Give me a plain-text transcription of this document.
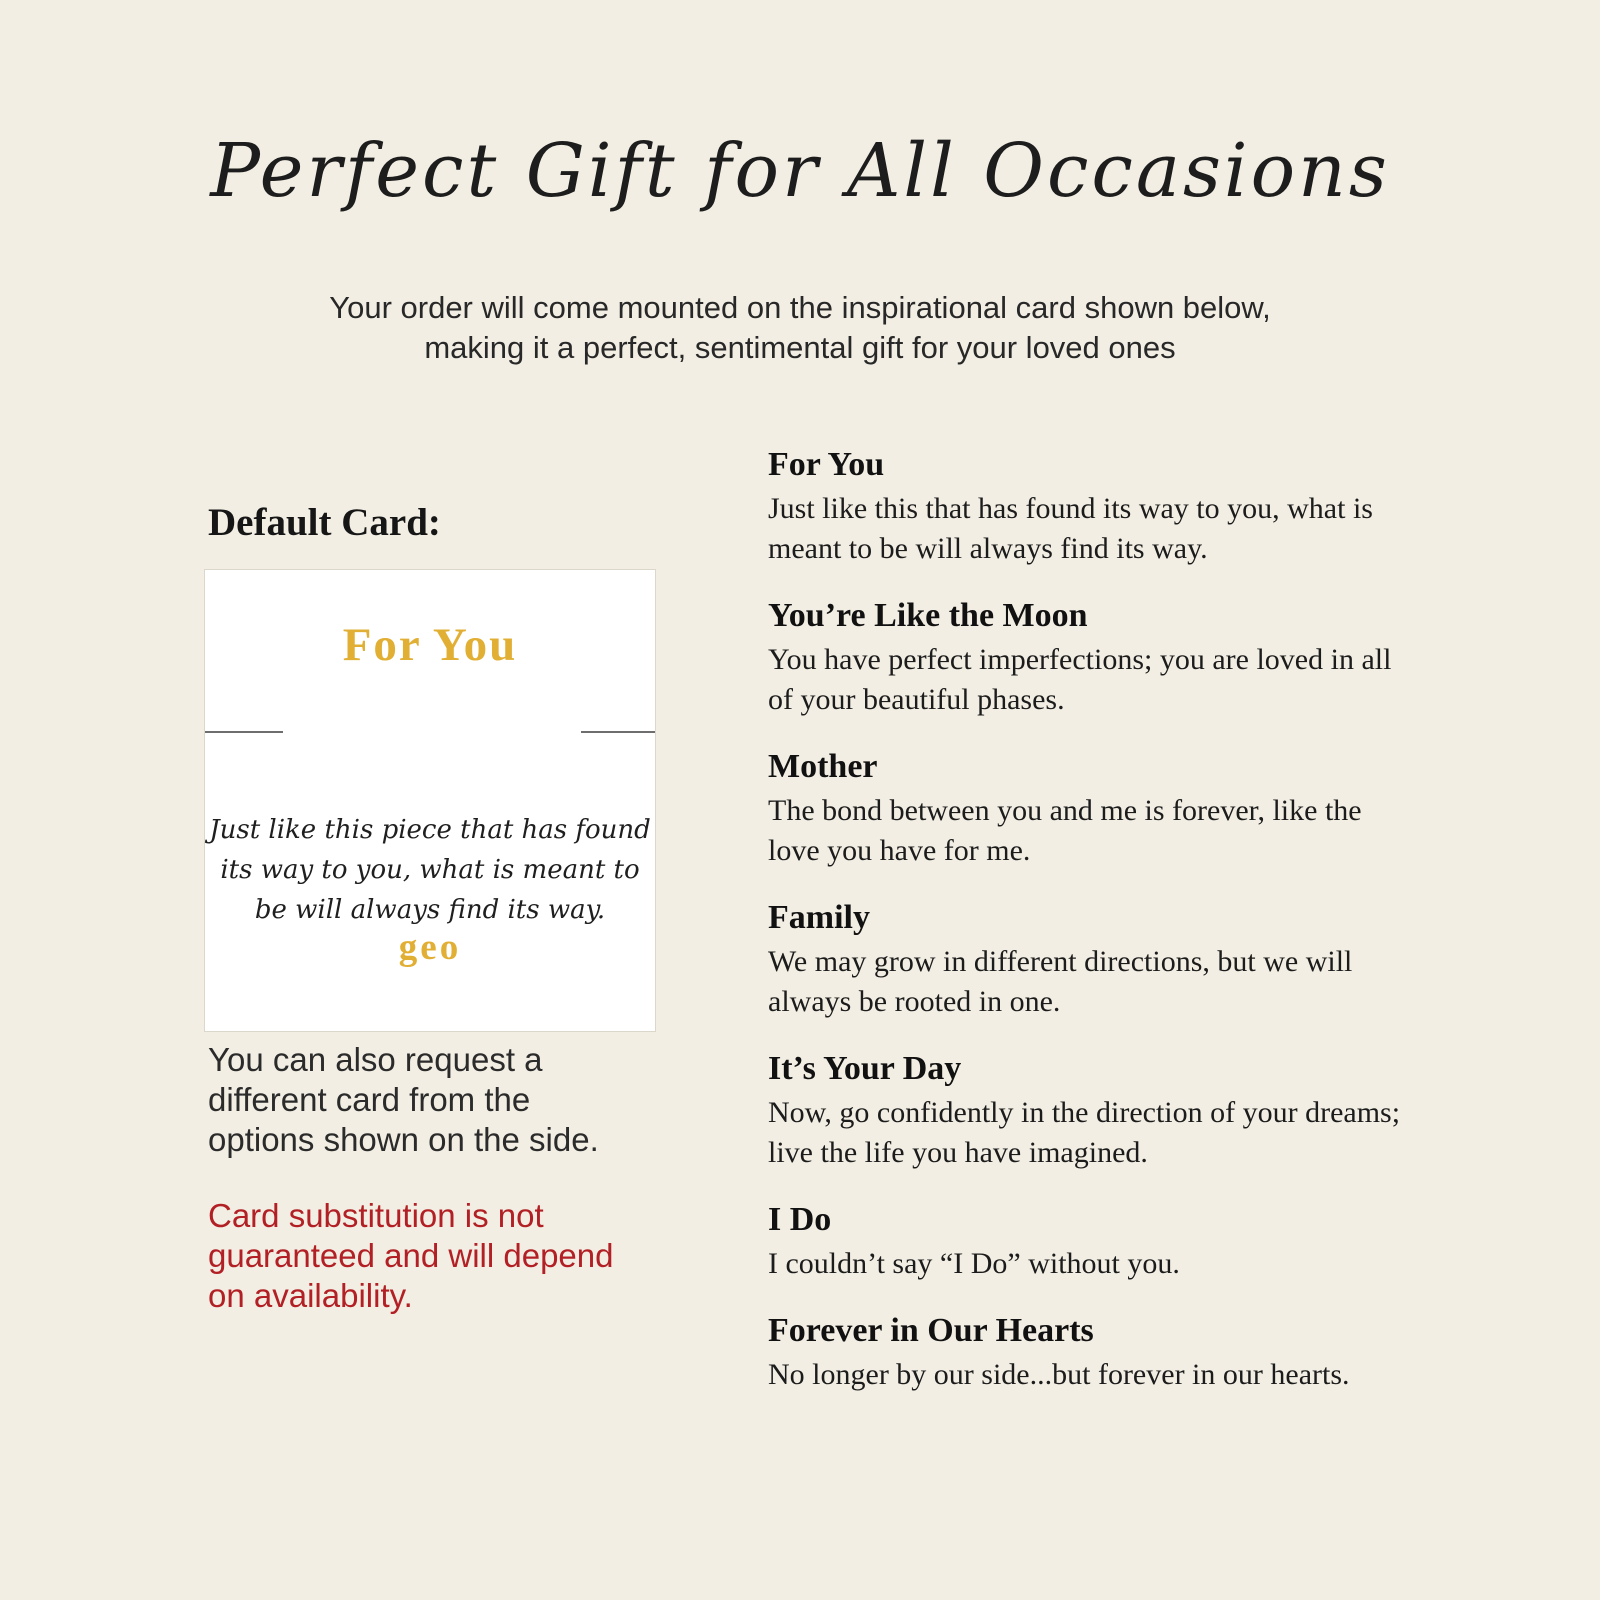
Perfect Gift for All Occasions
Your order will come mounted on the inspirational card shown below,
making it a perfect, sentimental gift for your loved ones
Default Card:
For You
Just like this piece that has found
its way to you, what is meant to
be will always find its way.
geo

You can also request a different card from the options shown on the side.

Card substitution is not guaranteed and will depend on availability.

For You
Just like this that has found its way to you, what is meant to be will always find its way.
You’re Like the Moon
You have perfect imperfections; you are loved in all of your beautiful phases.
Mother
The bond between you and me is forever, like the love you have for me.
Family
We may grow in different directions, but we will always be rooted in one.
It’s Your Day
Now, go confidently in the direction of your dreams; live the life you have imagined.
I Do
I couldn’t say “I Do” without you.
Forever in Our Hearts
No longer by our side...but forever in our hearts.
